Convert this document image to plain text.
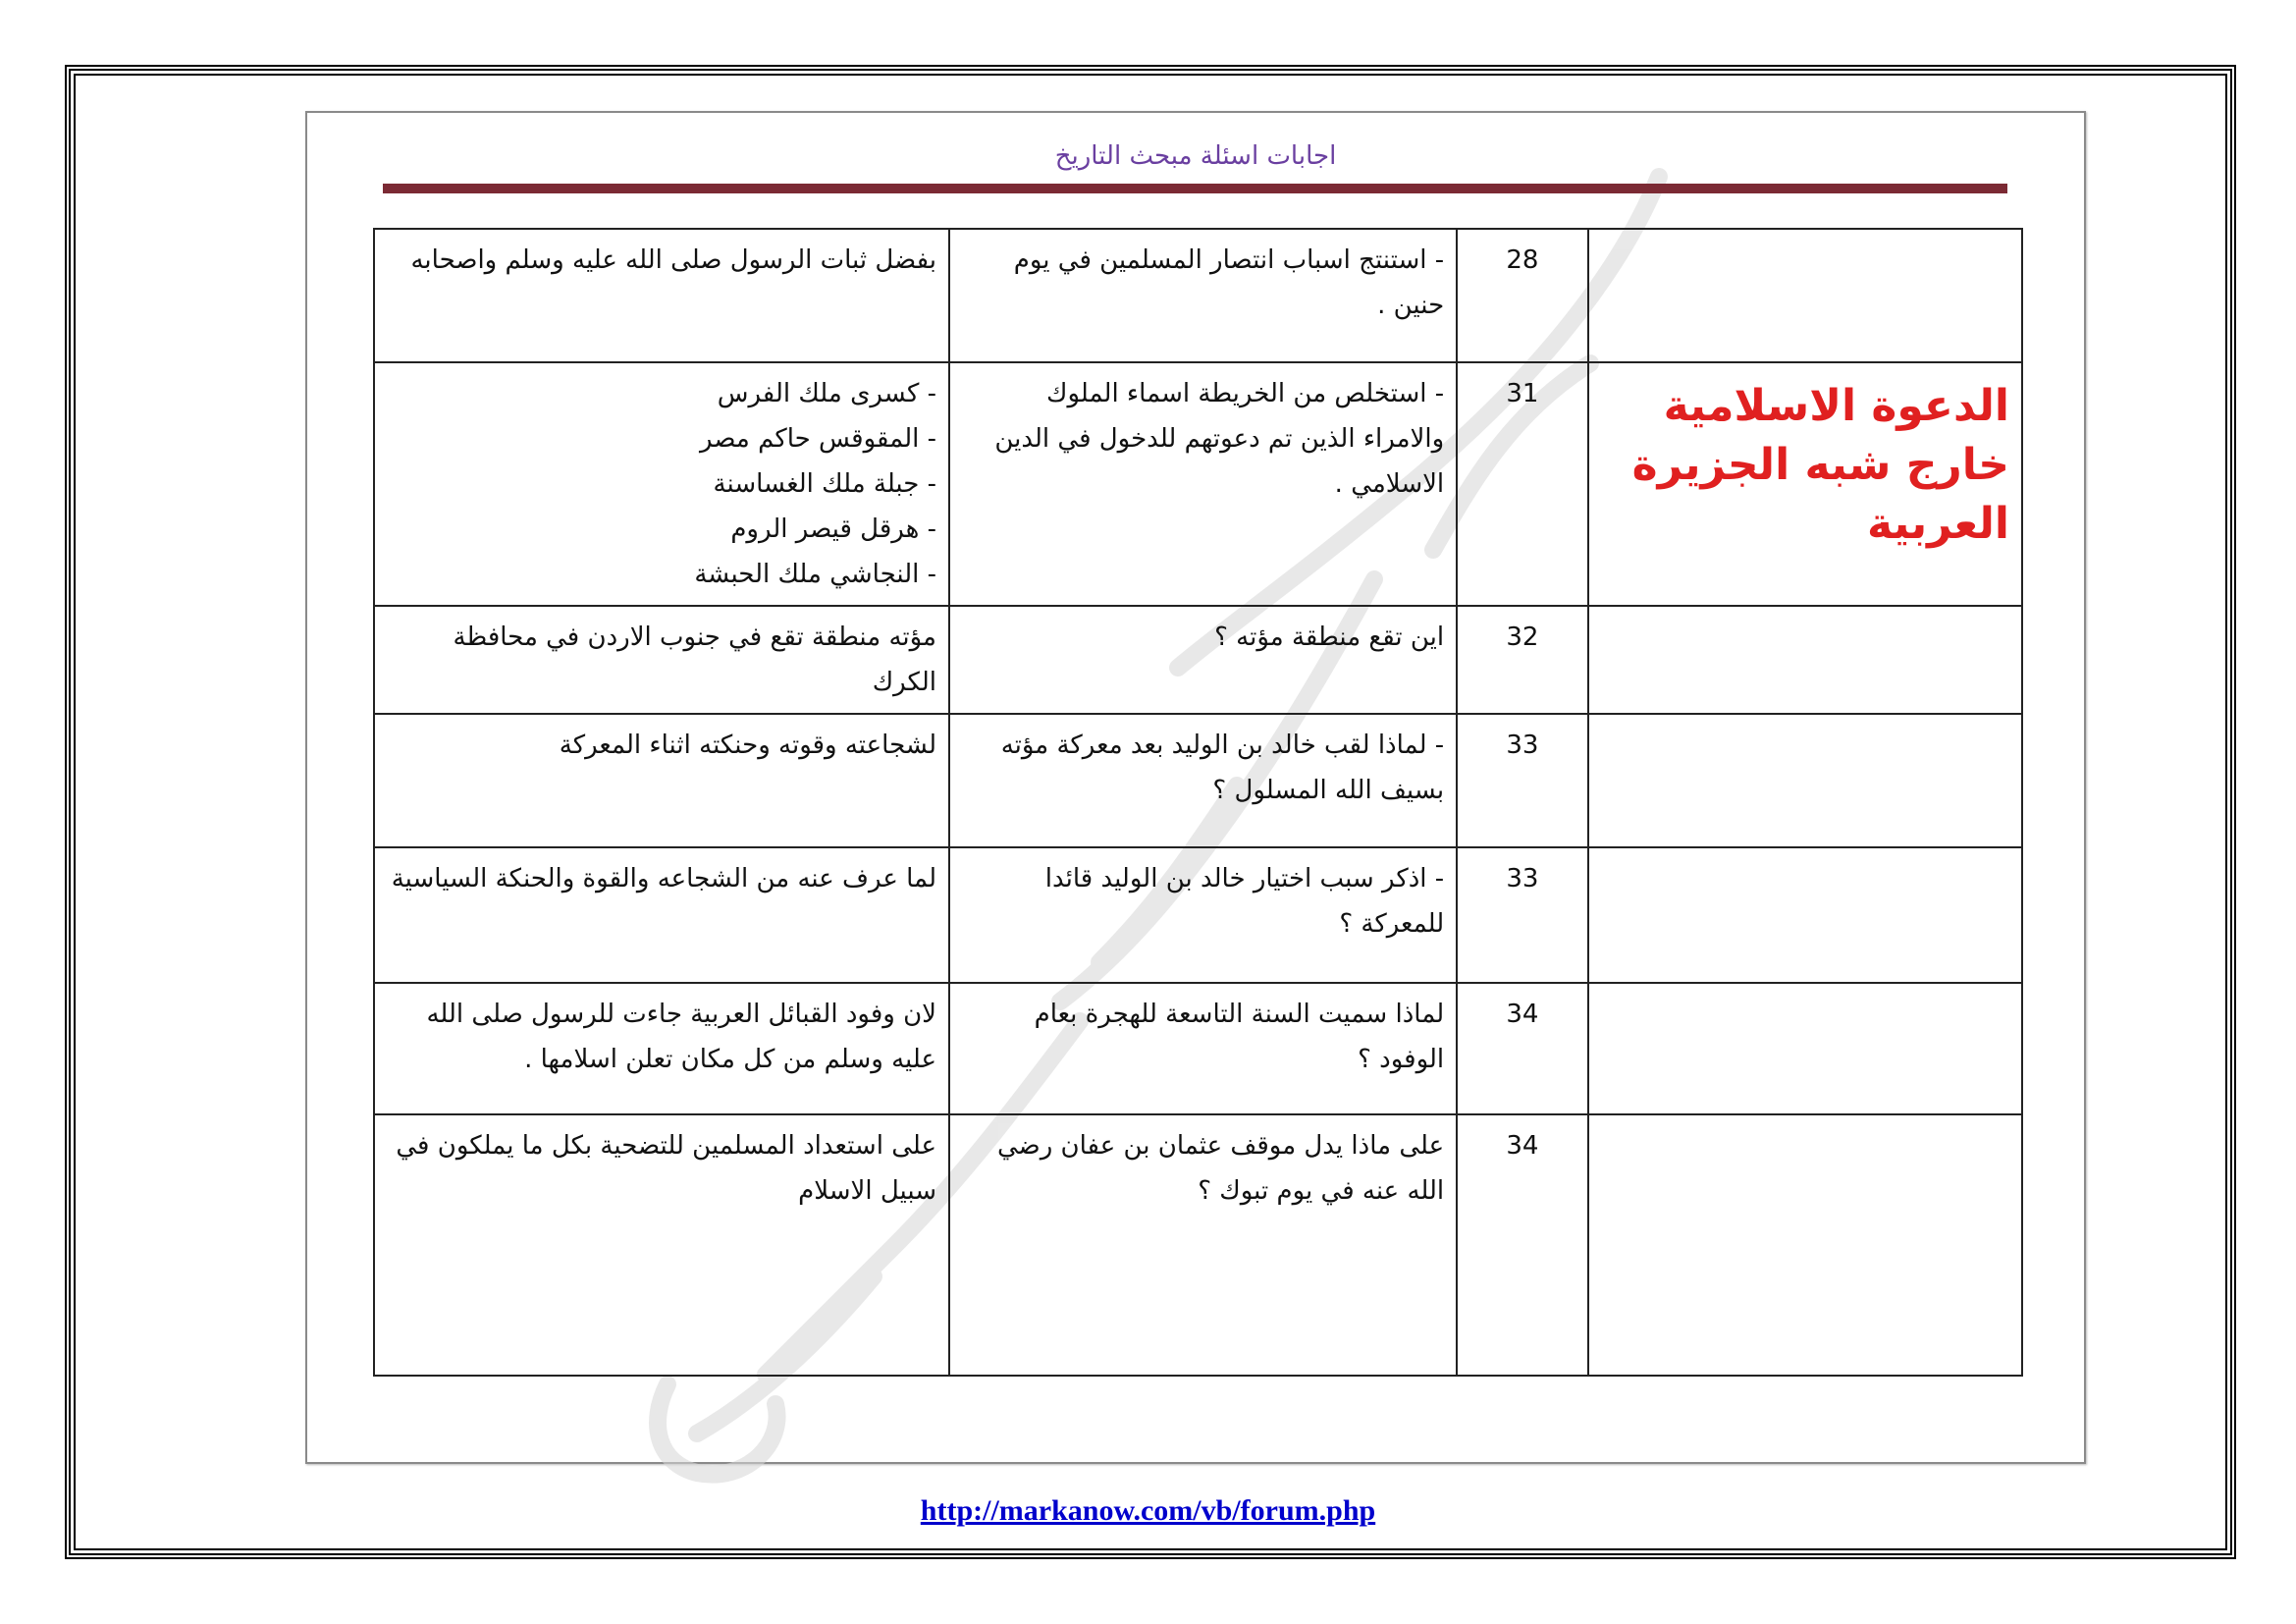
اجابات اسئلة مبحث التاريخ
	28	- استنتج اسباب انتصار المسلمين في يوم حنين .	بفضل ثبات الرسول صلى الله عليه وسلم واصحابه

الدعوة الاسلامية خارج شبه الجزيرة العربية	31	- استخلص من الخريطة اسماء الملوك والامراء الذين تم دعوتهم للدخول في الدين الاسلامي .	- كسرى ملك الفرس
- المقوقس حاكم مصر
- جبلة ملك الغساسنة
- هرقل قيصر الروم
- النجاشي ملك الحبشة

	32	اين تقع منطقة مؤته ؟	مؤته منطقة تقع في جنوب الاردن في محافظة الكرك
	33	- لماذا لقب خالد بن الوليد بعد معركة مؤته بسيف الله المسلول ؟	لشجاعته وقوته وحنكته اثناء المعركة
	33	- اذكر سبب اختيار خالد بن الوليد قائدا للمعركة ؟	لما عرف عنه من الشجاعه والقوة والحنكة السياسية
	34	لماذا سميت السنة التاسعة للهجرة بعام الوفود ؟	لان وفود القبائل العربية جاءت للرسول صلى الله عليه وسلم من كل مكان تعلن اسلامها .
	34	على ماذا يدل موقف عثمان بن عفان رضي الله عنه في يوم تبوك ؟	على استعداد المسلمين للتضحية بكل ما يملكون في سبيل الاسلام
http://markanow.com/vb/forum.php
